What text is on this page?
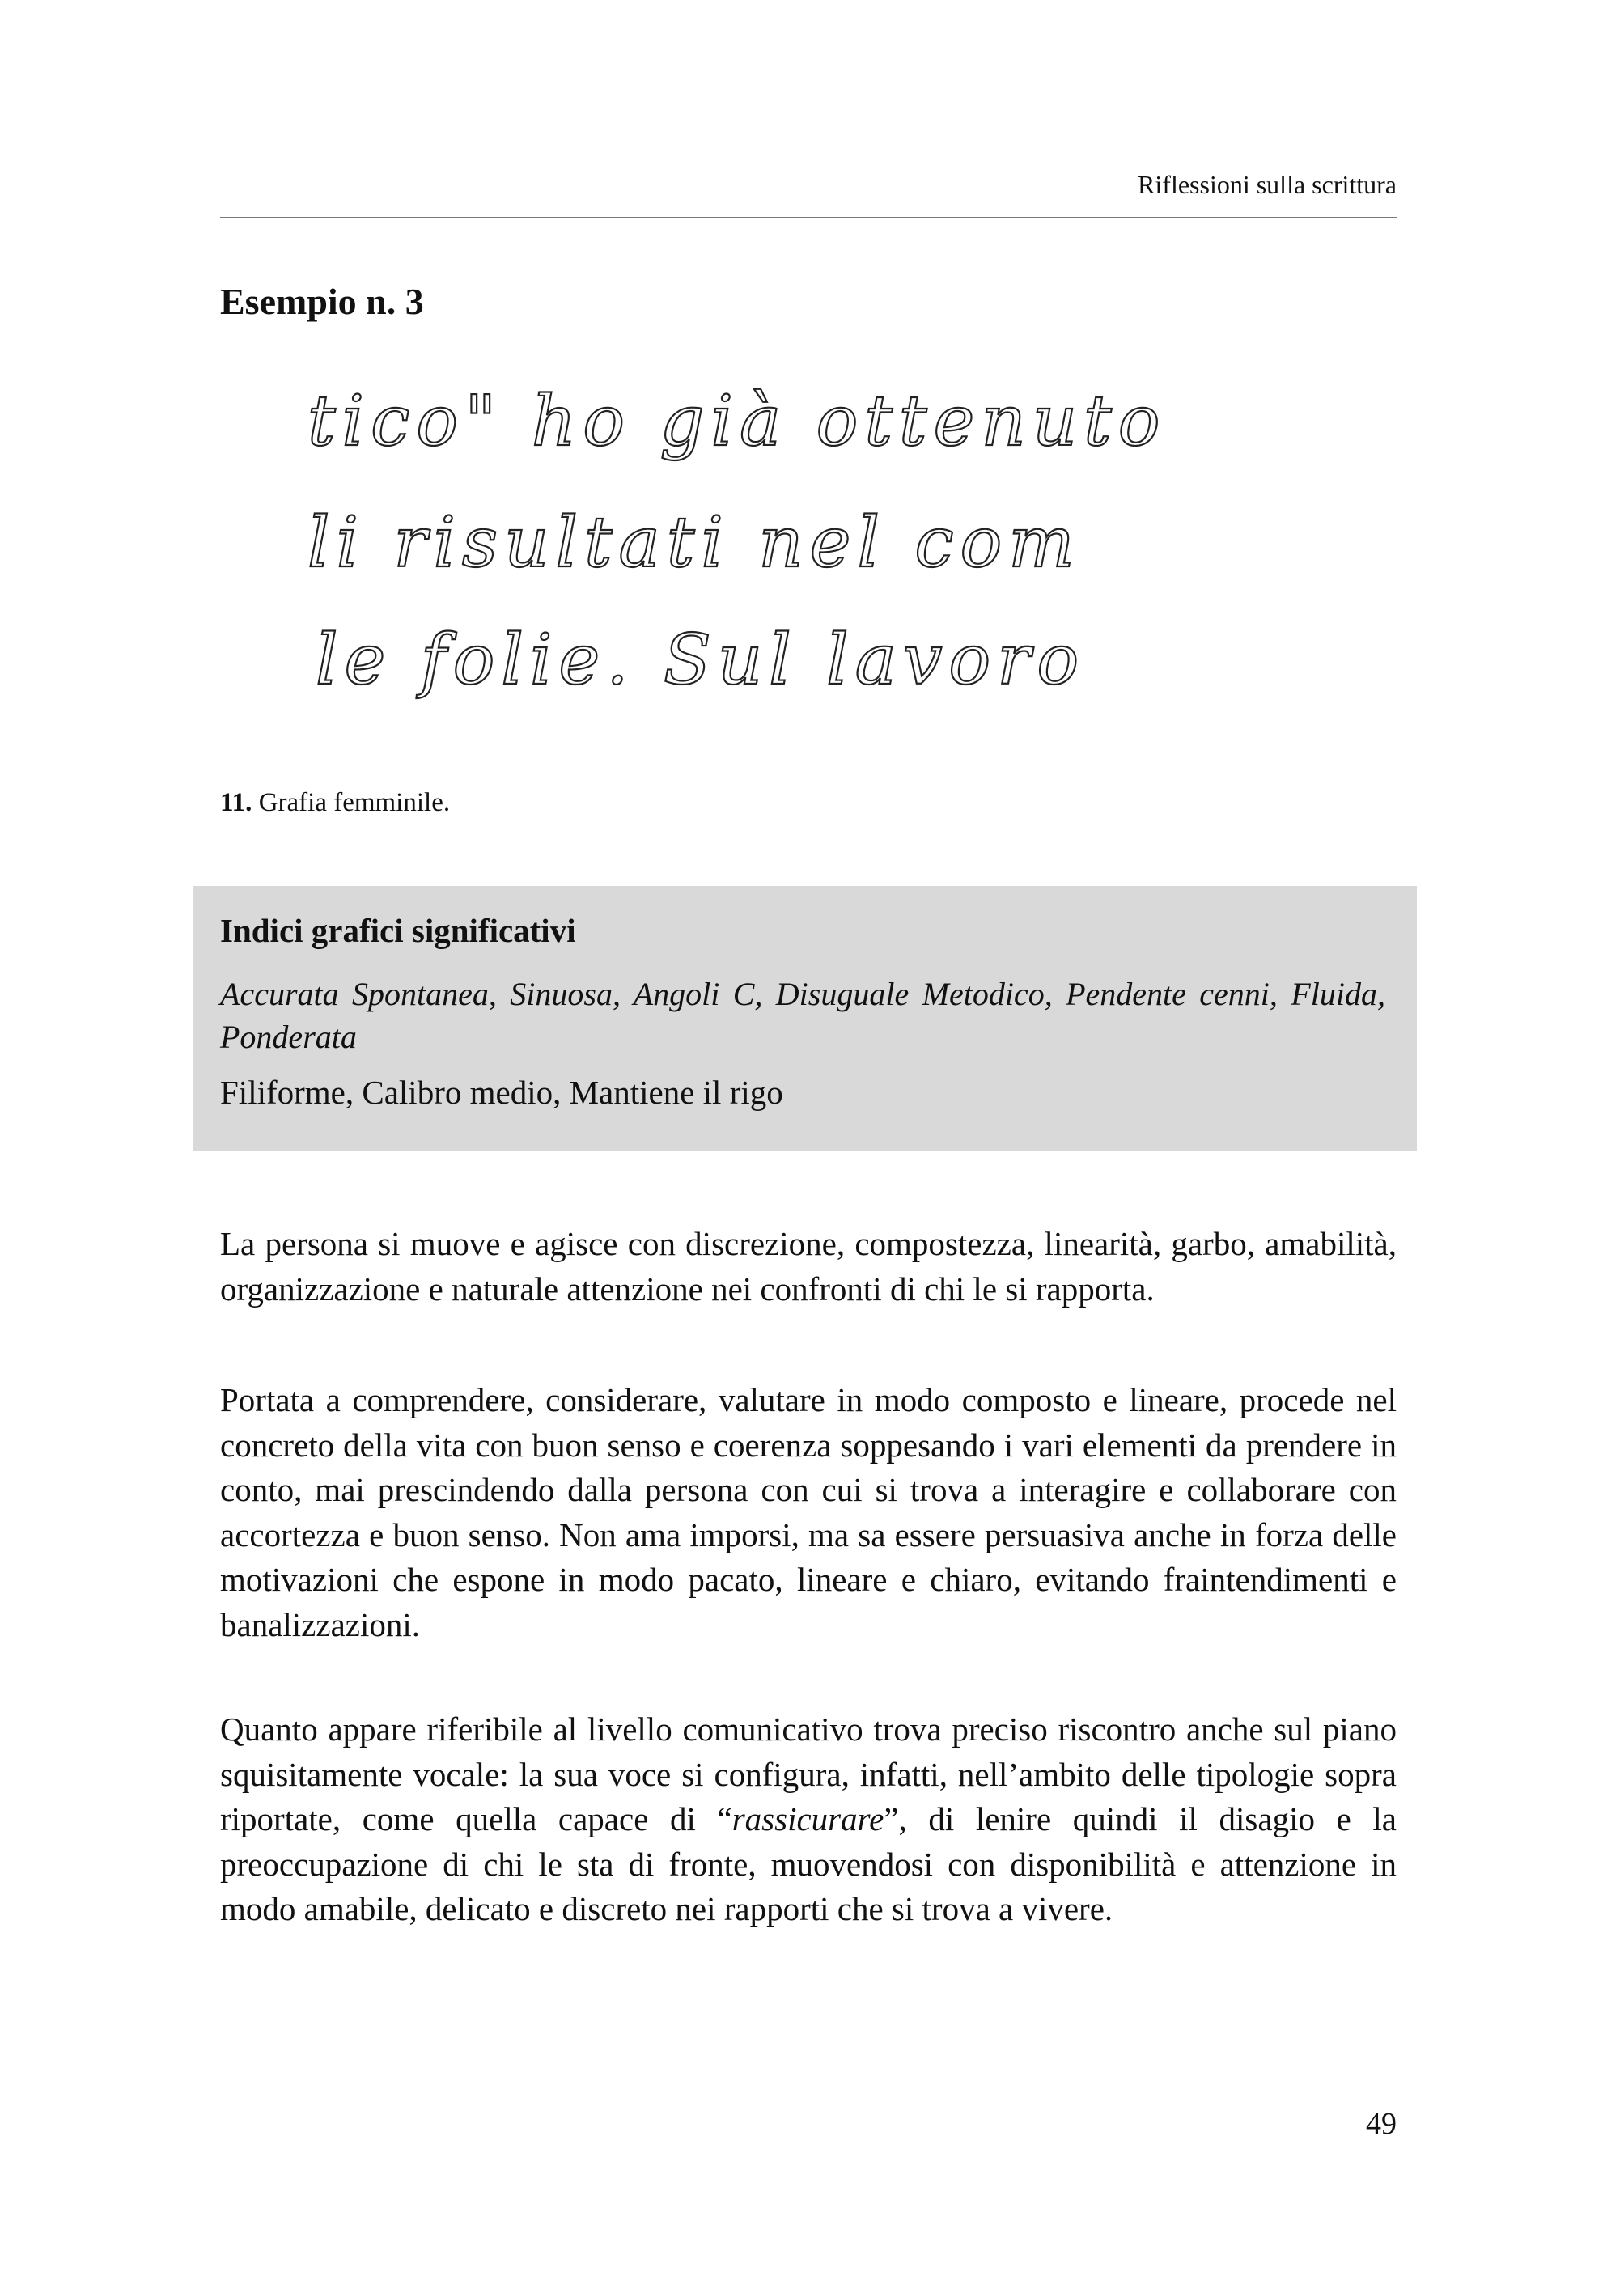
Riflessioni sulla scrittura
Esempio n. 3
tico" ho già ottenuto
li risultati nel com
le folie. Sul lavoro
11. Grafia femminile.
Indici grafici significativi
Accurata Spontanea, Sinuosa, Angoli C, Disuguale Metodico, Pendente cenni, Fluida, Ponderata
Filiforme, Calibro medio, Mantiene il rigo

La persona si muove e agisce con discrezione, compostezza, linearità, garbo, amabilità, organizzazione e naturale attenzione nei confronti di chi le si rapporta.

Portata a comprendere, considerare, valutare in modo composto e lineare, procede nel concreto della vita con buon senso e coerenza soppesando i vari elementi da prendere in conto, mai prescindendo dalla persona con cui si trova a interagire e collaborare con accortezza e buon senso. Non ama imporsi, ma sa essere persuasiva anche in forza delle motivazioni che espone in modo pacato, lineare e chiaro, evitando fraintendimenti e banalizzazioni.

Quanto appare riferibile al livello comunicativo trova preciso riscontro anche sul piano squisitamente vocale: la sua voce si configura, infatti, nell’ambito delle tipologie sopra riportate, come quella capace di “rassicurare”, di lenire quindi il disagio e la preoccupazione di chi le sta di fronte, muovendosi con disponibilità e attenzione in modo amabile, delicato e discreto nei rapporti che si trova a vivere.

49
